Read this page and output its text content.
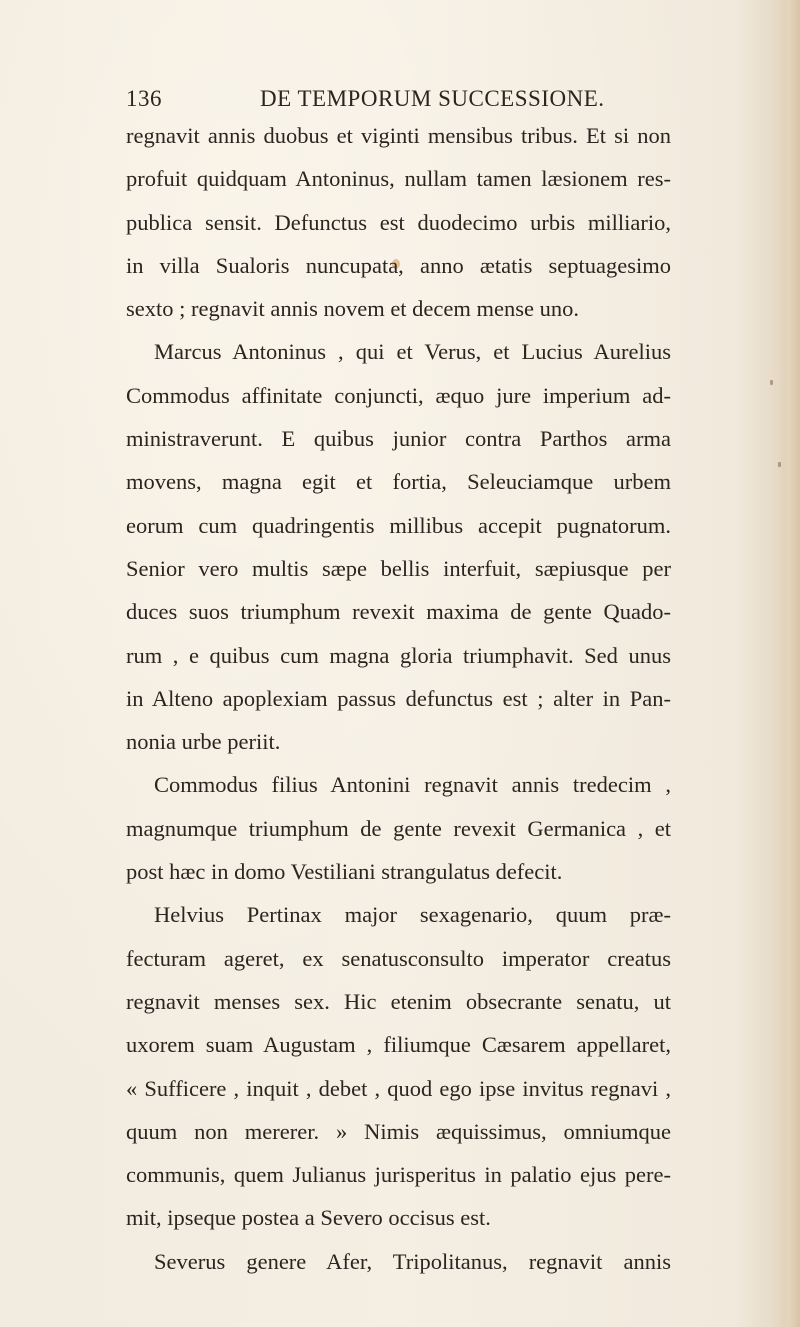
136	DE TEMPORUM SUCCESSIONE.
regnavit annis duobus et viginti mensibus tribus. Et si non
profuit quidquam Antoninus, nullam tamen læsionem res-
publica sensit. Defunctus est duodecimo urbis milliario,
in villa Sualoris nuncupata, anno ætatis septuagesimo
sexto ; regnavit annis novem et decem mense uno.
Marcus Antoninus , qui et Verus, et Lucius Aurelius
Commodus affinitate conjuncti, æquo jure imperium ad-
ministraverunt. E quibus junior contra Parthos arma
movens, magna egit et fortia, Seleuciamque urbem
eorum cum quadringentis millibus accepit pugnatorum.
Senior vero multis sæpe bellis interfuit, sæpiusque per
duces suos triumphum revexit maxima de gente Quado-
rum , e quibus cum magna gloria triumphavit. Sed unus
in Alteno apoplexiam passus defunctus est ; alter in Pan-
nonia urbe periit.
Commodus filius Antonini regnavit annis tredecim ,
magnumque triumphum de gente revexit Germanica , et
post hæc in domo Vestiliani strangulatus defecit.
Helvius Pertinax major sexagenario, quum præ-
fecturam ageret, ex senatusconsulto imperator creatus
regnavit menses sex. Hic etenim obsecrante senatu, ut
uxorem suam Augustam , filiumque Cæsarem appellaret,
« Sufficere , inquit , debet , quod ego ipse invitus regnavi ,
quum non mererer. » Nimis æquissimus, omniumque
communis, quem Julianus jurisperitus in palatio ejus pere-
mit, ipseque postea a Severo occisus est.
Severus genere Afer, Tripolitanus, regnavit annis
